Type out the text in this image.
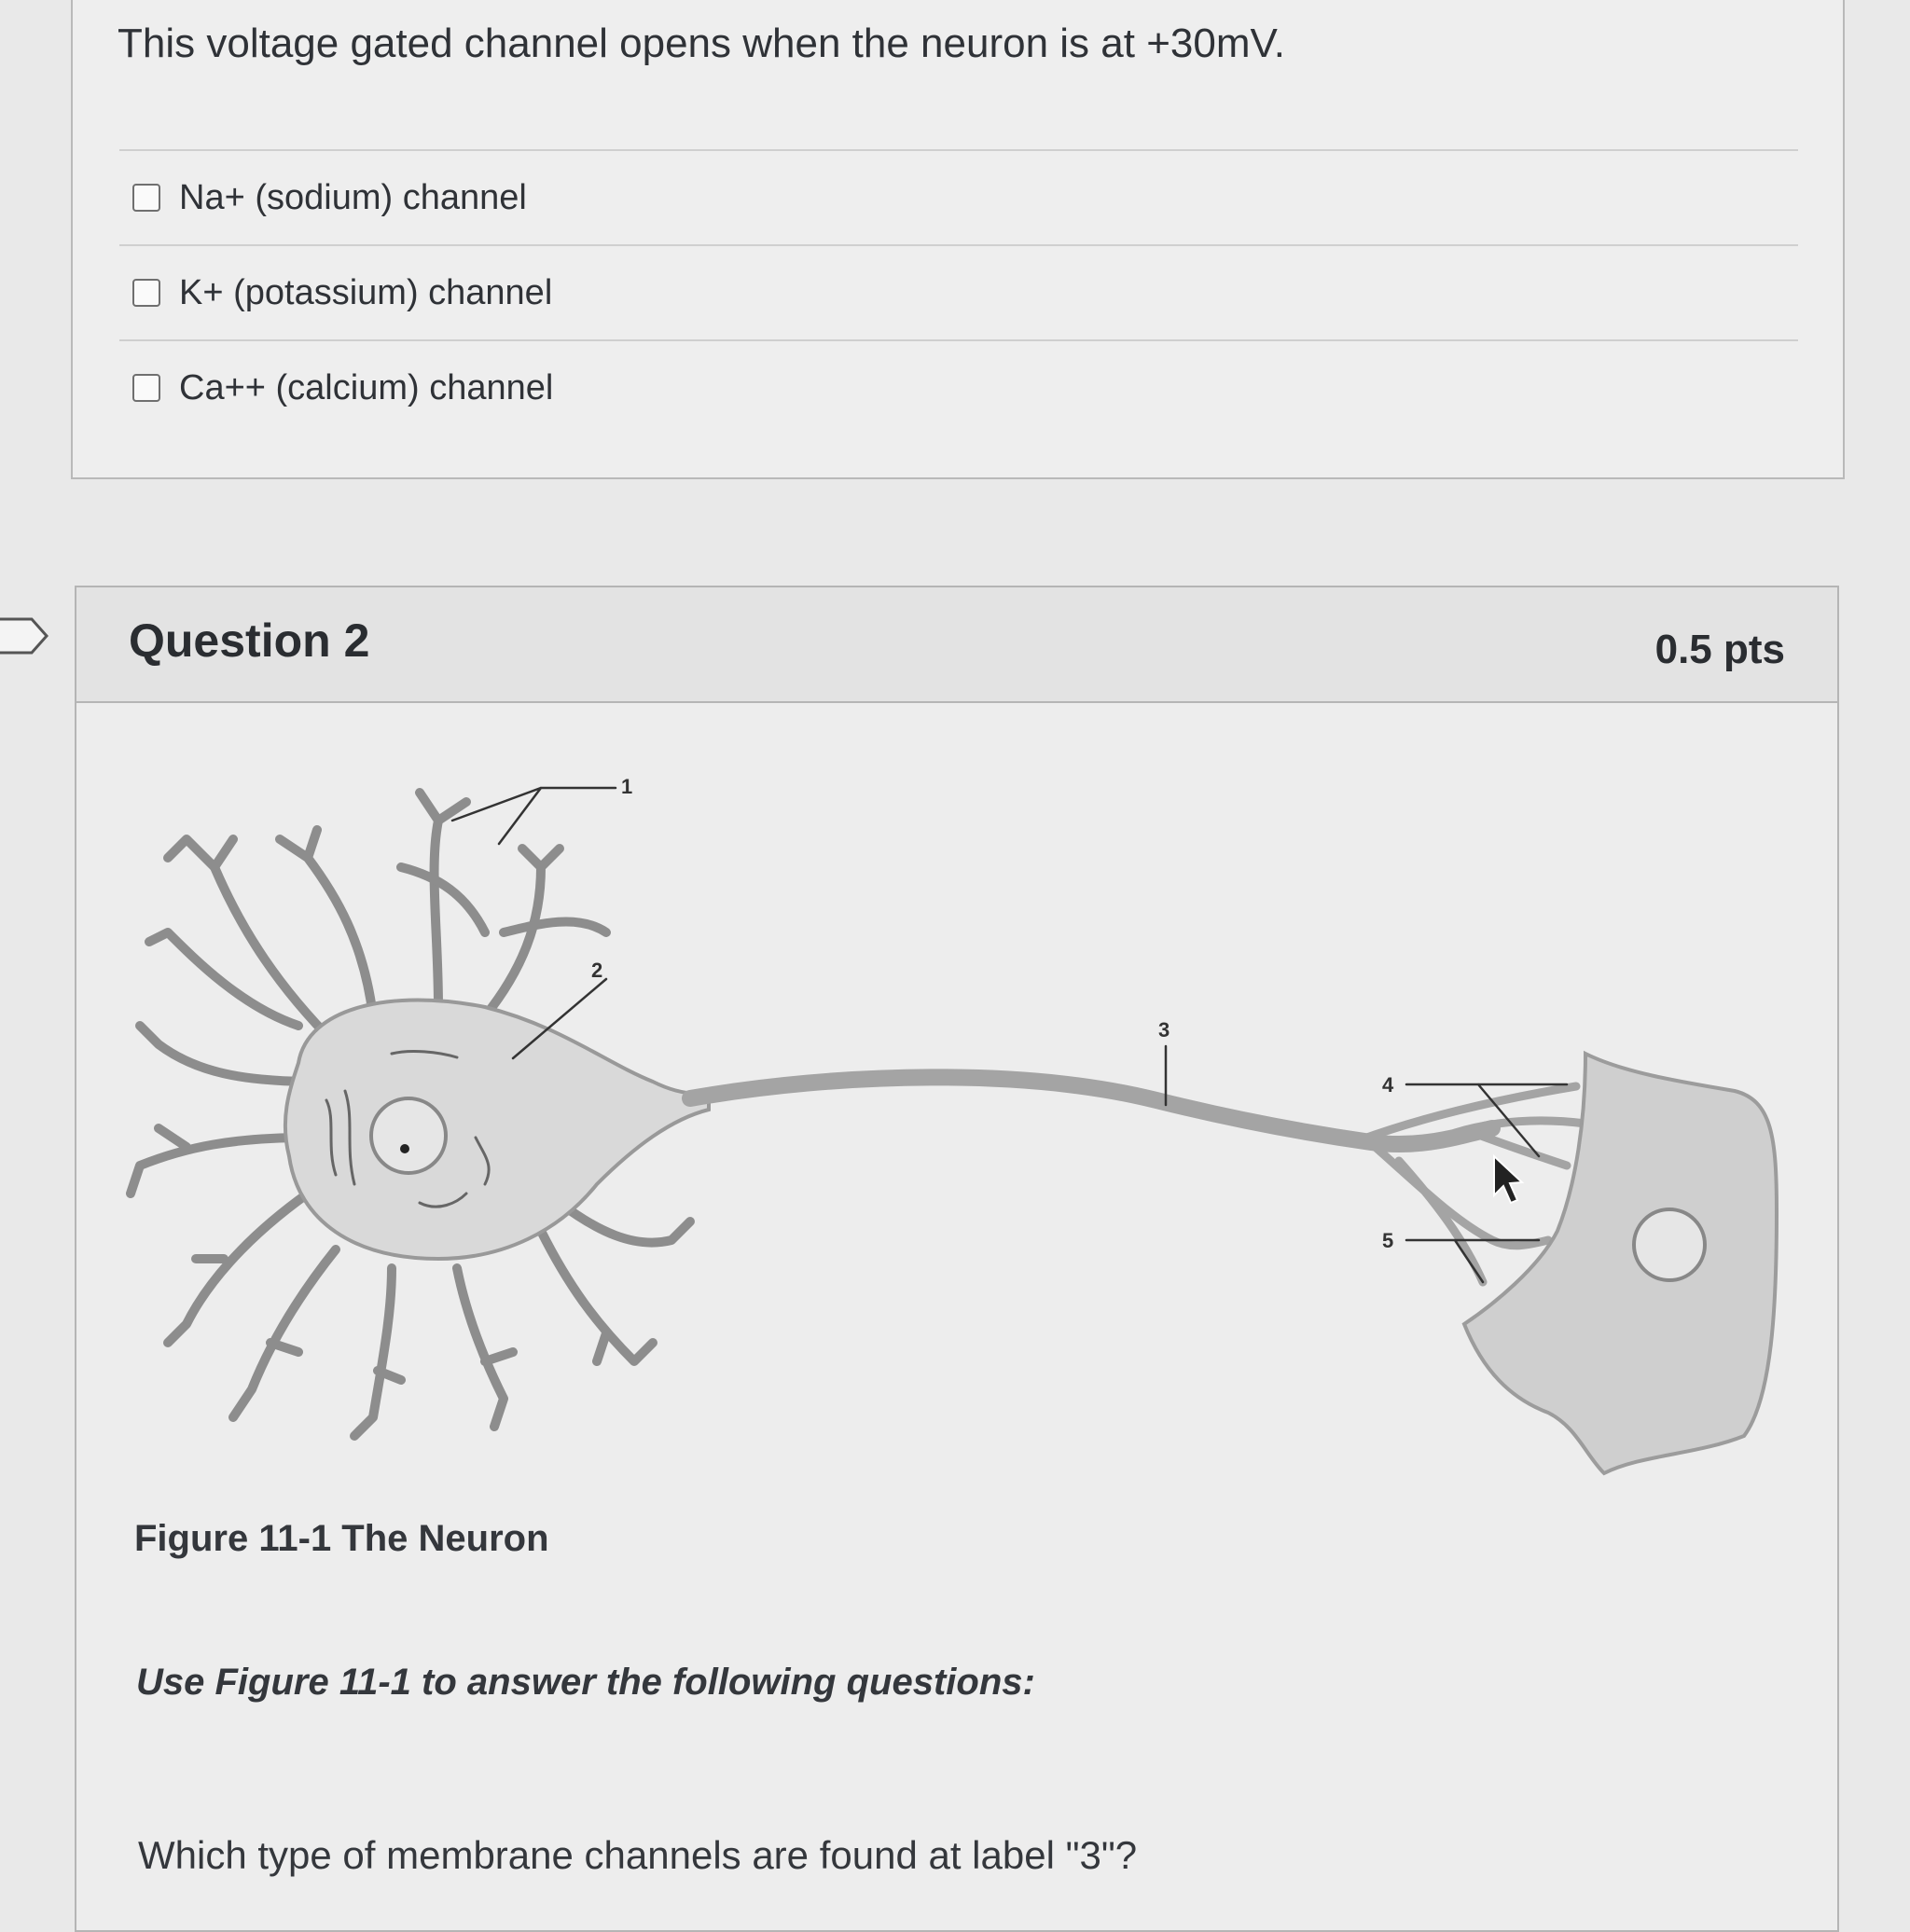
This voltage gated channel opens when the neuron is at +30mV.
Na+ (sodium) channel
K+ (potassium) channel
Ca++ (calcium) channel
Question 2	0.5 pts
1
2
3
4
5
Figure 11-1 The Neuron
Use Figure 11-1 to answer the following questions:
Which type of membrane channels are found at label "3"?
